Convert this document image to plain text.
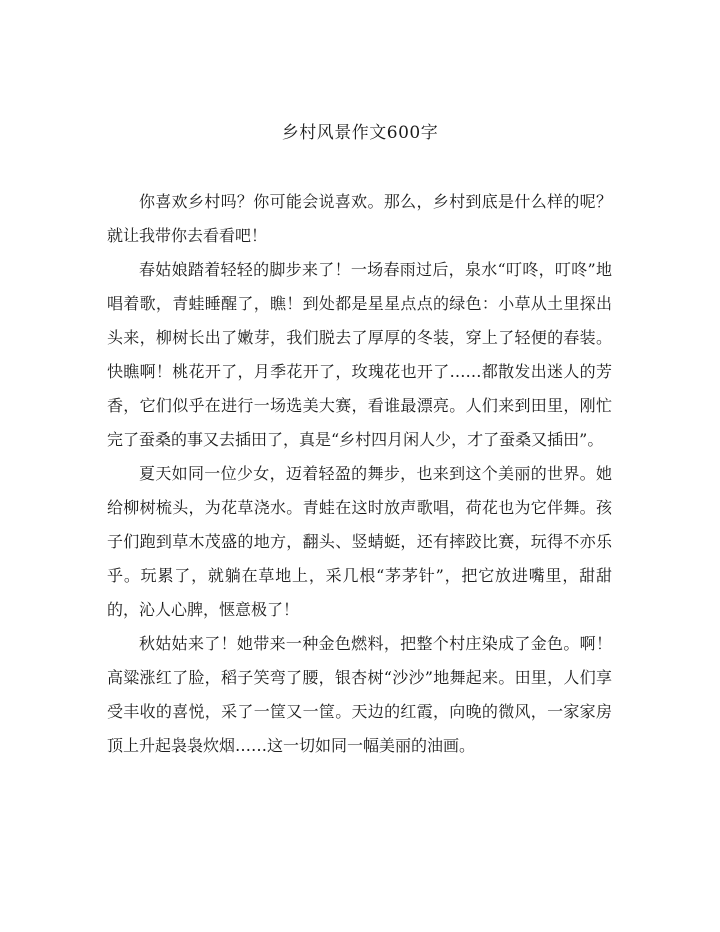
乡村风景作文600字

你喜欢乡村吗？你可能会说喜欢。那么，乡村到底是什么样的呢？就让我带你去看看吧！

春姑娘踏着轻轻的脚步来了！一场春雨过后，泉水“叮咚，叮咚”地唱着歌，青蛙睡醒了，瞧！到处都是星星点点的绿色：小草从土里探出头来，柳树长出了嫩芽，我们脱去了厚厚的冬装，穿上了轻便的春装。快瞧啊！桃花开了，月季花开了，玫瑰花也开了……都散发出迷人的芳香，它们似乎在进行一场选美大赛，看谁最漂亮。人们来到田里，刚忙完了蚕桑的事又去插田了，真是“乡村四月闲人少，才了蚕桑又插田”。

夏天如同一位少女，迈着轻盈的舞步，也来到这个美丽的世界。她给柳树梳头，为花草浇水。青蛙在这时放声歌唱，荷花也为它伴舞。孩子们跑到草木茂盛的地方，翻头、竖蜻蜓，还有摔跤比赛，玩得不亦乐乎。玩累了，就躺在草地上，采几根“茅茅针”，把它放进嘴里，甜甜的，沁人心脾，惬意极了！

秋姑姑来了！她带来一种金色燃料，把整个村庄染成了金色。啊！高粱涨红了脸，稻子笑弯了腰，银杏树“沙沙”地舞起来。田里，人们享受丰收的喜悦，采了一筐又一筐。天边的红霞，向晚的微风，一家家房顶上升起袅袅炊烟……这一切如同一幅美丽的油画。
